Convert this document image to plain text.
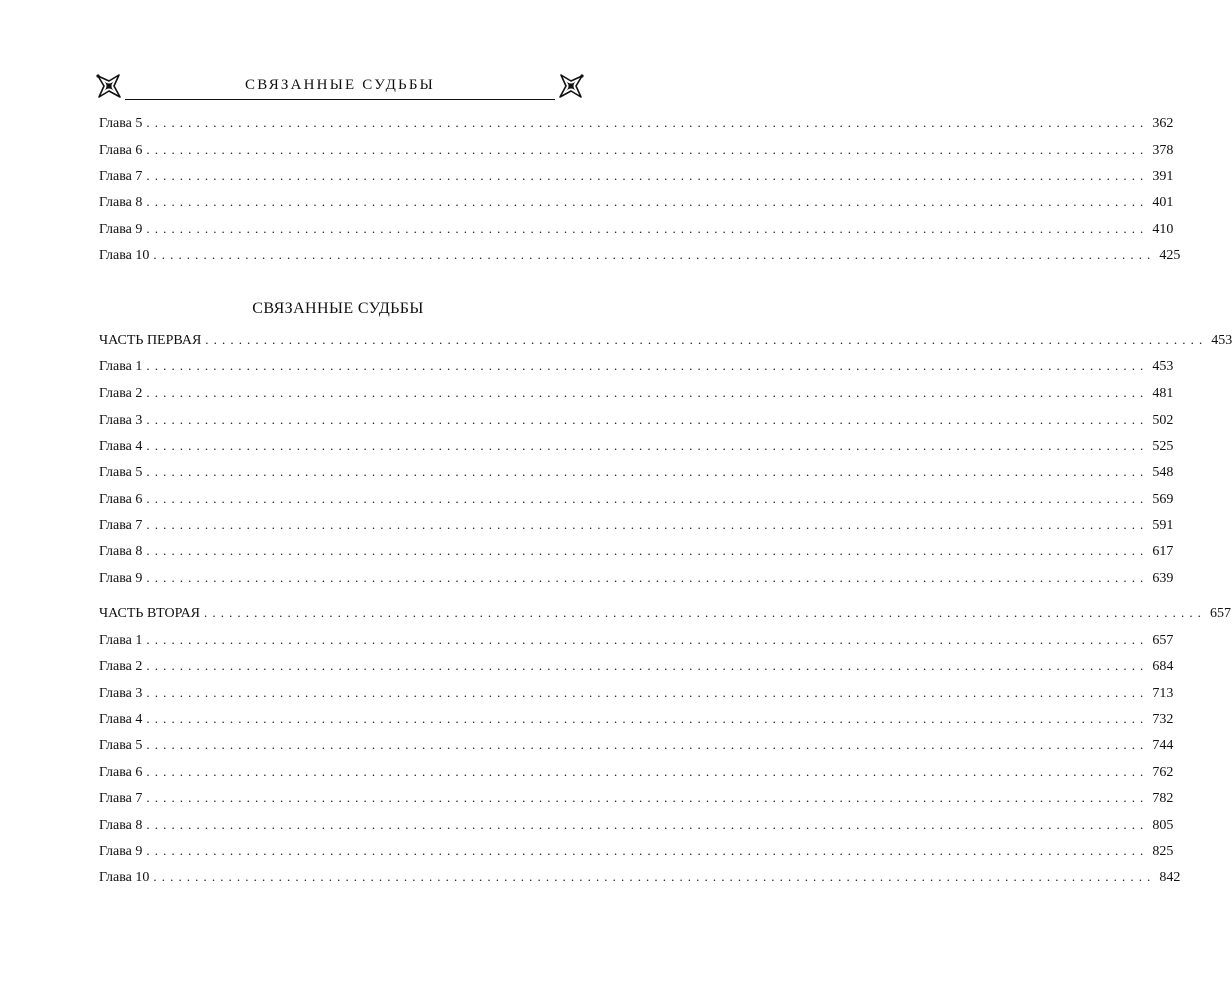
СВЯЗАННЫЕ СУДЬБЫ
Глава 5 ........................................................................................................................ 362
Глава 6 ........................................................................................................................ 378
Глава 7 ........................................................................................................................ 391
Глава 8 ........................................................................................................................ 401
Глава 9 ........................................................................................................................ 410
Глава 10 ........................................................................................................................ 425
СВЯЗАННЫЕ СУДЬБЫ
ЧАСТЬ ПЕРВАЯ ........................................................................................................................ 453
Глава 1 ........................................................................................................................ 453
Глава 2 ........................................................................................................................ 481
Глава 3 ........................................................................................................................ 502
Глава 4 ........................................................................................................................ 525
Глава 5 ........................................................................................................................ 548
Глава 6 ........................................................................................................................ 569
Глава 7 ........................................................................................................................ 591
Глава 8 ........................................................................................................................ 617
Глава 9 ........................................................................................................................ 639
ЧАСТЬ ВТОРАЯ ........................................................................................................................ 657
Глава 1 ........................................................................................................................ 657
Глава 2 ........................................................................................................................ 684
Глава 3 ........................................................................................................................ 713
Глава 4 ........................................................................................................................ 732
Глава 5 ........................................................................................................................ 744
Глава 6 ........................................................................................................................ 762
Глава 7 ........................................................................................................................ 782
Глава 8 ........................................................................................................................ 805
Глава 9 ........................................................................................................................ 825
Глава 10 ........................................................................................................................ 842
